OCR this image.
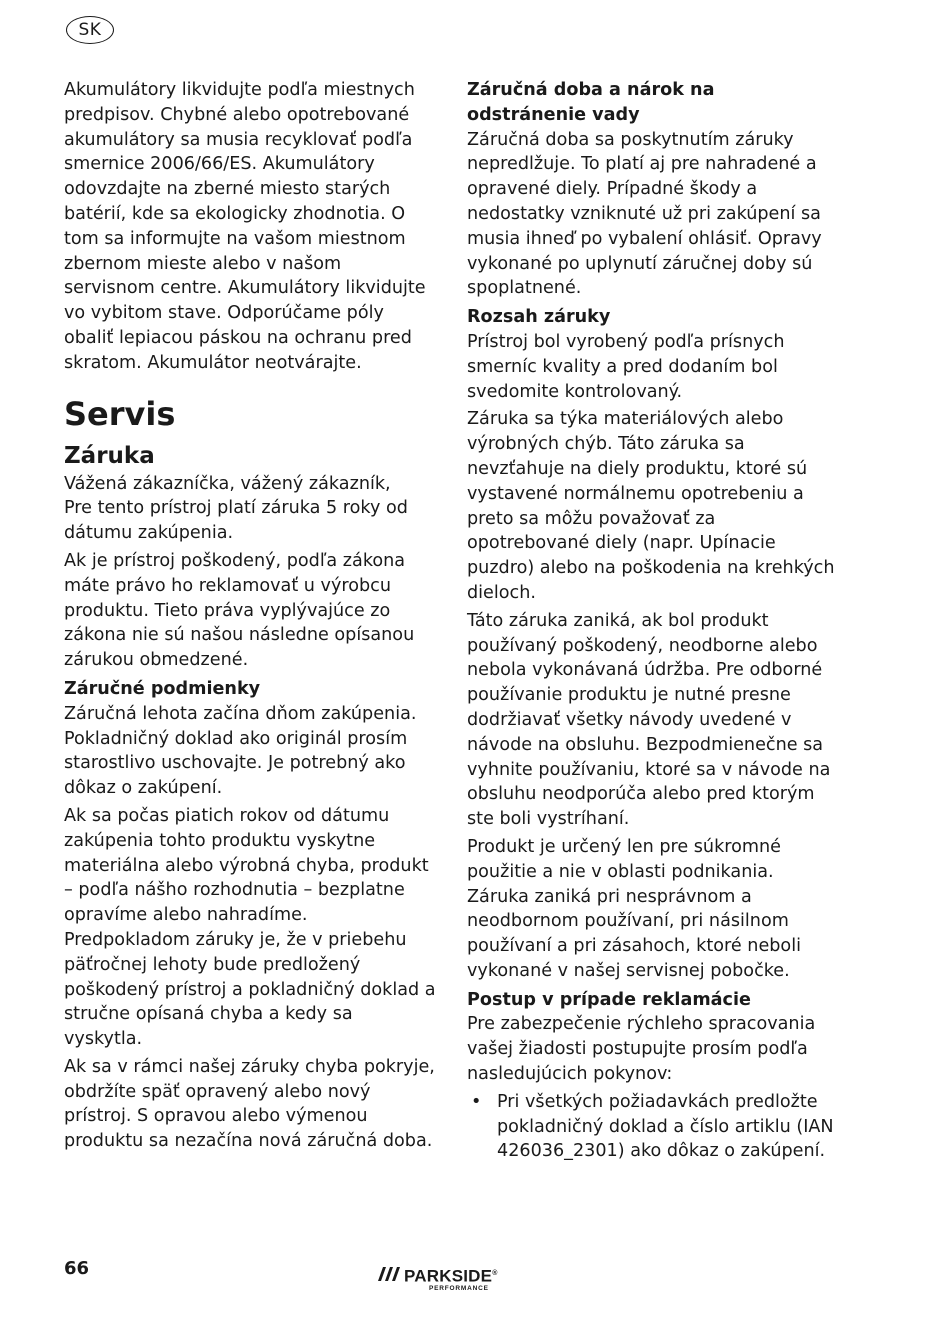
SK

Akumulátory likvidujte podľa miestnych predpisov. Chybné alebo opotrebované akumulátory sa musia recyklovať podľa smernice 2006/66/ES. Akumulátory odovzdajte na zberné miesto starých batérií, kde sa ekologicky zhodnotia. O tom sa informujte na vašom miestnom zbernom mieste alebo v našom servisnom centre. Akumulátory likvidujte vo vybitom stave. Odporúčame póly obaliť lepiacou páskou na ochranu pred skratom. Akumulátor neotvárajte.

Servis
Záruka

Vážená zákazníčka, vážený zákazník,

Pre tento prístroj platí záruka 5 roky od dátumu zakúpenia.

Ak je prístroj poškodený, podľa zákona máte právo ho reklamovať u výrobcu produktu. Tieto práva vyplývajúce zo zákona nie sú našou následne opísanou zárukou obmedzené.

Záručné podmienky

Záručná lehota začína dňom zakúpenia. Pokladničný doklad ako originál prosím starostlivo uschovajte. Je potrebný ako dôkaz o zakúpení.

Ak sa počas piatich rokov od dátumu zakúpenia tohto produktu vyskytne materiálna alebo výrobná chyba, produkt – podľa nášho rozhodnutia – bezplatne opravíme alebo nahradíme. Predpokladom záruky je, že v priebehu päťročnej lehoty bude predložený poškodený prístroj a pokladničný doklad a stručne opísaná chyba a kedy sa vyskytla.

Ak sa v rámci našej záruky chyba pokryje, obdržíte späť opravený alebo nový prístroj. S opravou alebo výmenou produktu sa nezačína nová záručná doba.

Záručná doba a nárok na odstránenie vady

Záručná doba sa poskytnutím záruky nepredlžuje. To platí aj pre nahradené a opravené diely. Prípadné škody a nedostatky vzniknuté už pri zakúpení sa musia ihneď po vybalení ohlásiť. Opravy vykonané po uplynutí záručnej doby sú spoplatnené.

Rozsah záruky

Prístroj bol vyrobený podľa prísnych smerníc kvality a pred dodaním bol svedomite kontrolovaný.

Záruka sa týka materiálových alebo výrobných chýb. Táto záruka sa nevzťahuje na diely produktu, ktoré sú vystavené normálnemu opotrebeniu a preto sa môžu považovať za opotrebované diely (napr. Upínacie puzdro) alebo na poškodenia na krehkých dieloch.

Táto záruka zaniká, ak bol produkt používaný poškodený, neodborne alebo nebola vykonávaná údržba. Pre odborné používanie produktu je nutné presne dodržiavať všetky návody uvedené v návode na obsluhu. Bezpodmienečne sa vyhnite používaniu, ktoré sa v návode na obsluhu neodporúča alebo pred ktorým ste boli vystríhaní.

Produkt je určený len pre súkromné použitie a nie v oblasti podnikania. Záruka zaniká pri nesprávnom a neodbornom používaní, pri násilnom používaní a pri zásahoch, ktoré neboli vykonané v našej servisnej pobočke.

Postup v prípade reklamácie

Pre zabezpečenie rýchleho spracovania vašej žiadosti postupujte prosím podľa nasledujúcich pokynov:

• Pri všetkých požiadavkách predložte pokladničný doklad a číslo artiklu (IAN 426036_2301) ako dôkaz o zakúpení.
66	PARKSIDE®
PERFORMANCE
